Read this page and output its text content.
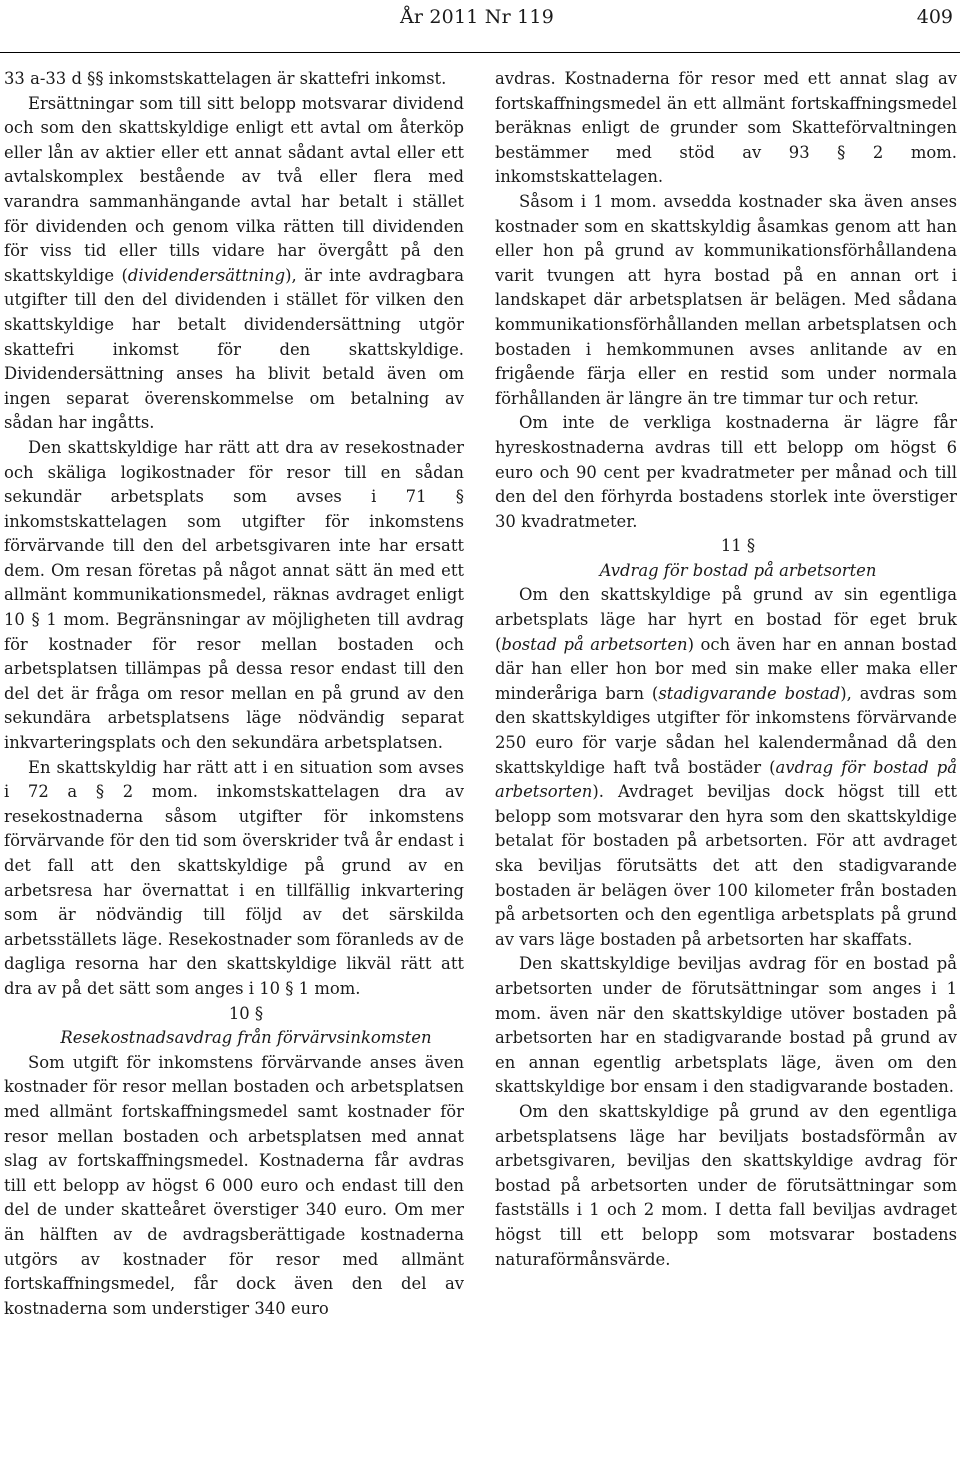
År 2011 Nr 119	409

33 a-33 d §§ inkomstskattelagen är skattefri inkomst.

Ersättningar som till sitt belopp motsvarar dividend och som den skattskyldige enligt ett avtal om återköp eller lån av aktier eller ett annat sådant avtal eller ett avtalskomplex bestående av två eller flera med varandra sammanhängande avtal har betalt i stället för dividenden och genom vilka rätten till dividenden för viss tid eller tills vidare har övergått på den skattskyldige (dividendersättning), är inte avdragbara utgifter till den del dividenden i stället för vilken den skattskyldige har betalt dividendersättning utgör skattefri inkomst för den skattskyldige. Dividendersättning anses ha blivit betald även om ingen separat överenskommelse om betalning av sådan har ingåtts.

Den skattskyldige har rätt att dra av resekostnader och skäliga logikostnader för resor till en sådan sekundär arbetsplats som avses i 71 § inkomstskattelagen som utgifter för inkomstens förvärvande till den del arbetsgivaren inte har ersatt dem. Om resan företas på något annat sätt än med ett allmänt kommunikationsmedel, räknas avdraget enligt 10 § 1 mom. Begränsningar av möjligheten till avdrag för kostnader för resor mellan bostaden och arbetsplatsen tillämpas på dessa resor endast till den del det är fråga om resor mellan en på grund av den sekundära arbetsplatsens läge nödvändig separat inkvarteringsplats och den sekundära arbetsplatsen.

En skattskyldig har rätt att i en situation som avses i 72 a § 2 mom. inkomstskattelagen dra av resekostnaderna såsom utgifter för inkomstens förvärvande för den tid som överskrider två år endast i det fall att den skattskyldige på grund av en arbetsresa har övernattat i en tillfällig inkvartering som är nödvändig till följd av det särskilda arbetsställets läge. Resekostnader som föranleds av de dagliga resorna har den skattskyldige likväl rätt att dra av på det sätt som anges i 10 § 1 mom.

10 §

Resekostnadsavdrag från förvärvsinkomsten

Som utgift för inkomstens förvärvande anses även kostnader för resor mellan bostaden och arbetsplatsen med allmänt fortskaffningsmedel samt kostnader för resor mellan bostaden och arbetsplatsen med annat slag av fortskaffningsmedel. Kostnaderna får avdras till ett belopp av högst 6 000 euro och endast till den del de under skatteåret överstiger 340 euro. Om mer än hälften av de avdragsberättigade kostnaderna utgörs av kostnader för resor med allmänt fortskaffningsmedel, får dock även den del av kostnaderna som understiger 340 euro

avdras. Kostnaderna för resor med ett annat slag av fortskaffningsmedel än ett allmänt fortskaffningsmedel beräknas enligt de grunder som Skatteförvaltningen bestämmer med stöd av 93 § 2 mom. inkomstskattelagen.

Såsom i 1 mom. avsedda kostnader ska även anses kostnader som en skattskyldig åsamkas genom att han eller hon på grund av kommunikationsförhållandena varit tvungen att hyra bostad på en annan ort i landskapet där arbetsplatsen är belägen. Med sådana kommunikationsförhållanden mellan arbetsplatsen och bostaden i hemkommunen avses anlitande av en frigående färja eller en restid som under normala förhållanden är längre än tre timmar tur och retur.

Om inte de verkliga kostnaderna är lägre får hyreskostnaderna avdras till ett belopp om högst 6 euro och 90 cent per kvadratmeter per månad och till den del den förhyrda bostadens storlek inte överstiger 30 kvadratmeter.

11 §

Avdrag för bostad på arbetsorten

Om den skattskyldige på grund av sin egentliga arbetsplats läge har hyrt en bostad för eget bruk (bostad på arbetsorten) och även har en annan bostad där han eller hon bor med sin make eller maka eller minderåriga barn (stadigvarande bostad), avdras som den skattskyldiges utgifter för inkomstens förvärvande 250 euro för varje sådan hel kalendermånad då den skattskyldige haft två bostäder (avdrag för bostad på arbetsorten). Avdraget beviljas dock högst till ett belopp som motsvarar den hyra som den skattskyldige betalat för bostaden på arbetsorten. För att avdraget ska beviljas förutsätts det att den stadigvarande bostaden är belägen över 100 kilometer från bostaden på arbetsorten och den egentliga arbetsplats på grund av vars läge bostaden på arbetsorten har skaffats.

Den skattskyldige beviljas avdrag för en bostad på arbetsorten under de förutsättningar som anges i 1 mom. även när den skattskyldige utöver bostaden på arbetsorten har en stadigvarande bostad på grund av en annan egentlig arbetsplats läge, även om den skattskyldige bor ensam i den stadigvarande bostaden.

Om den skattskyldige på grund av den egentliga arbetsplatsens läge har beviljats bostadsförmån av arbetsgivaren, beviljas den skattskyldige avdrag för bostad på arbetsorten under de förutsättningar som fastställs i 1 och 2 mom. I detta fall beviljas avdraget högst till ett belopp som motsvarar bostadens naturaförmånsvärde.
